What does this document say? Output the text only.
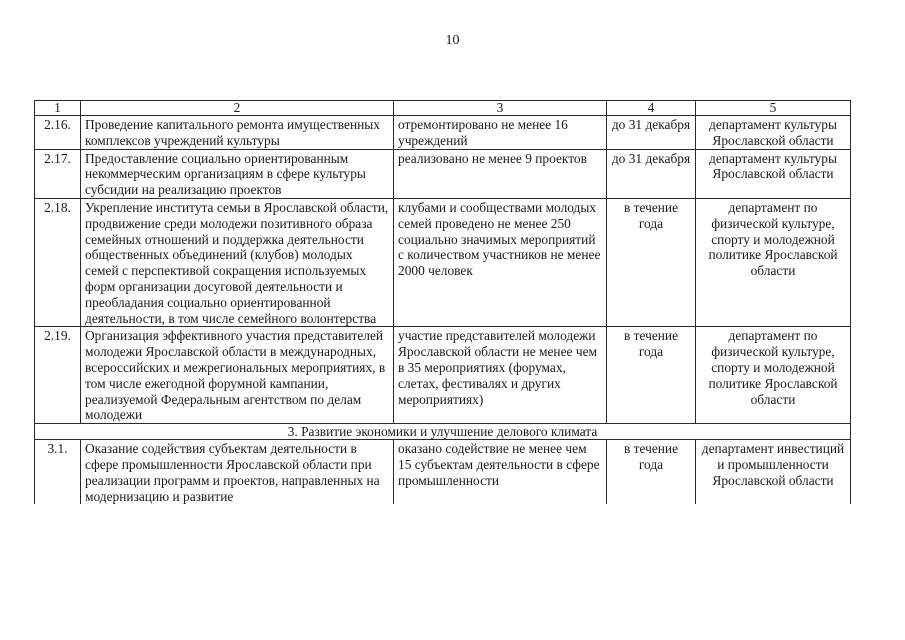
10
1	2	3	4	5
2.16.	Проведение капитального ремонта имущественных комплексов учреждений культуры	отремонтировано не менее 16 учреждений	до 31 декабря	департамент культуры Ярославской области
2.17.	Предоставление социально ориентированным некоммерческим организациям в сфере культуры субсидии на реализацию проектов	реализовано не менее 9 проектов	до 31 декабря	департамент культуры Ярославской области
2.18.	Укрепление института семьи в Ярославской области, продвижение среди молодежи позитивного образа семейных отношений и поддержка деятельности общественных объединений (клубов) молодых семей с перспективой сокращения используемых форм организации досуговой деятельности и преобладания социально ориентированной деятельности, в том числе семейного волонтерства	клубами и сообществами молодых семей проведено не менее 250 социально значимых мероприятий с количеством участников не менее 2000 человек	в течение года	департамент по физической культуре, спорту и молодежной политике Ярославской области
2.19.	Организация эффективного участия представителей молодежи Ярославской области в международных, всероссийских и межрегиональных мероприятиях, в том числе ежегодной форумной кампании, реализуемой Федеральным агентством по делам молодежи	участие представителей молодежи Ярославской области не менее чем в 35 мероприятиях (форумах, слетах, фестивалях и других мероприятиях)	в течение года	департамент по физической культуре, спорту и молодежной политике Ярославской области
3. Развитие экономики и улучшение делового климата				
3.1.	Оказание содействия субъектам деятельности в сфере промышленности Ярославской области при реализации программ и проектов, направленных на модернизацию и развитие	оказано содействие не менее чем 15 субъектам деятельности в сфере промышленности	в течение года	департамент инвестиций и промышленности Ярославской области
